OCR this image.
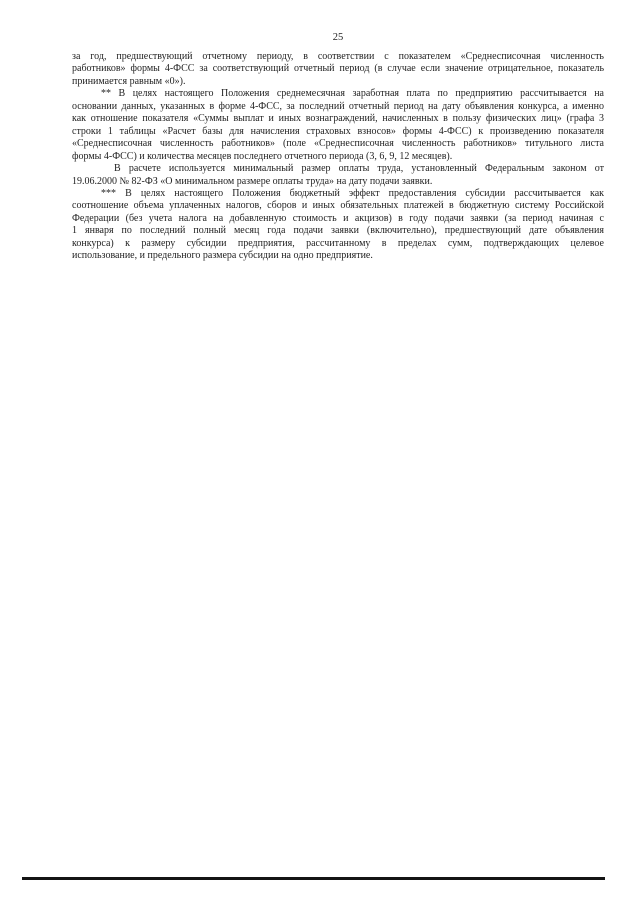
25
за год, предшествующий отчетному периоду, в соответствии с показателем «Среднесписочная численность
работников» формы 4-ФСС за соответствующий отчетный период (в случае если значение отрицательное, показатель
принимается равным «0»).
** В целях настоящего Положения среднемесячная заработная плата по предприятию рассчитывается на
основании данных, указанных в форме 4-ФСС, за последний отчетный период на дату объявления конкурса, а именно
как отношение показателя «Суммы выплат и иных вознаграждений, начисленных в пользу физических лиц» (графа 3
строки 1 таблицы «Расчет базы для начисления страховых взносов» формы 4-ФСС) к произведению показателя
«Среднесписочная численность работников» (поле «Среднесписочная численность работников» титульного листа
формы 4-ФСС) и количества месяцев последнего отчетного периода (3, 6, 9, 12 месяцев).
В расчете используется минимальный размер оплаты труда, установленный Федеральным законом от
19.06.2000 № 82-ФЗ «О минимальном размере оплаты труда» на дату подачи заявки.
*** В целях настоящего Положения бюджетный эффект предоставления субсидии рассчитывается как
соотношение объема уплаченных налогов, сборов и иных обязательных платежей в бюджетную систему Российской
Федерации (без учета налога на добавленную стоимость и акцизов) в году подачи заявки (за период начиная с
1 января по последний полный месяц года подачи заявки (включительно), предшествующий дате объявления
конкурса) к размеру субсидии предприятия, рассчитанному в пределах сумм, подтверждающих целевое
использование, и предельного размера субсидии на одно предприятие.
